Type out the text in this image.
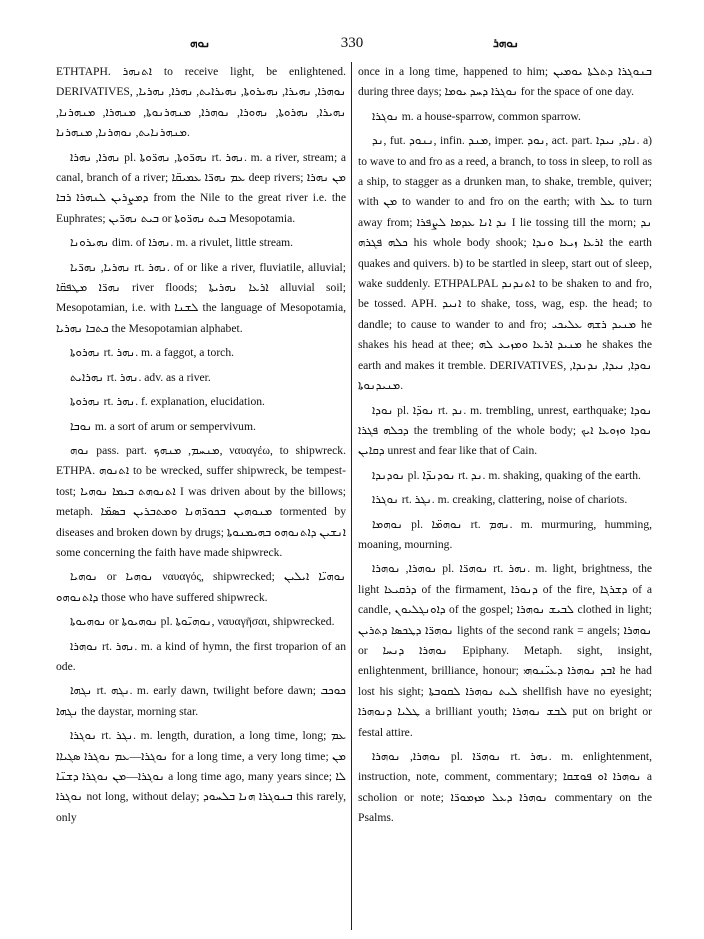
ܢܘܗ	330	ܢܘܗܪ

ETHTAPH. ܐܬܢܗܪ to receive light, be enlightened. DERIVATIVES, ܢܘܗܪܐ, ܢܗܝܪܐ, ܢܗܝܪܘܬܐ, ܢܗܝܪܐܝܬ, ܢܗܪܐ, ܢܗܪܝܐ, ܢܗܝܪܐ, ܢܗܪܘܬܐ, ܢܗܘܪܐ, ܢܘܗܪܐ, ܡܢܗܪܢܘܬܐ, ܡܢܗܪܐ, ܡܢܗܪܢܐ, ܡܢܗܪܢܐܝܬ, ܢܘܗܪܢܐ, ܡܢܗܪܢܐ.

ܢܗܪܐ, ܢܗܪܐ pl. ܢܗܪ̈ܘܬܐ, ܢܗܪ̈ܘܬܐ rt. ܢܗܪ. m. a river, stream; a canal, branch of a river; ܥܡ ܢܗܪ̈ܐ ܥܡܝܩ̈ܐ deep rivers; ܡܢ ܢܗܪܐ ܕܡܨܪܝܢ ܠܢܗܪܐ ܪܒܐ from the Nile to the great river i.e. the Euphrates; ܒܝܬ ܢܗܪ̈ܝܢ or ܒܝܬ ܢܗܪ̈ܘܬܐ Mesopotamia.

ܢܗܝܪܘܢܐ dim. of ܢܗܪܐ. m. a rivulet, little stream.

ܢܗܪܝܐ, ܢܗܪ̈ܝܐ rt. ܢܗܪ. of or like a river, fluviatile, alluvial; ܢܗܪ̈ܐ ܡܛܦܩ̈ܐ river floods; ܐܪܥܐ ܢܗܪܝܬܐ alluvial soil; Mesopotamian, i.e. with ܠܫܢܐ the language of Mesopotamia, ܟܬܒܐ ܢܗܪܝܐ the Mesopotamian alphabet.

ܢܗܪܘܬܐ rt. ܢܗܪ. m. a faggot, a torch.

ܢܗܪܐܝܬ rt. ܢܗܪ. adv. as a river.

ܢܗܪܘܬܐ rt. ܢܗܪ. f. explanation, elucidation.

ܢܘܒܐ m. a sort of arum or sempervivum.

ܢܘܗ pass. part. ܡܢܚܡ, ܡܢܗܟ, ναυαγέω, to shipwreck. ETHPA. ܐܬܢܘܗ to be wrecked, suffer shipwreck, be tempest-tost; ܐܬܢܘܗܬ ܒܝܡܐ ܢܘܗܝܐ I was driven about by the billows; metaph. ܡܢܘܗܝܢ ܒܟܘܪ̈ܗܢܐ ܘܡܬܒܪܝܢ ܒܣܡ̈ܐ tormented by diseases and broken down by drugs; ܐܢܫܝܢ ܕܐܬܢܘܗܘ ܒܗܝܡܢܘܬܐ some concerning the faith have made shipwreck.

ܢܘܗܝܐ or ܢܘܗܝܐ ναυαγός, shipwrecked; ܢܘܗܝ̈ܐ ܐܝܠܝܢ ܕܐܬܢܘܗܘ those who have suffered shipwreck.

ܢܘܗܝܘܬܐ or ܢܘܗܝܘܬܐ pl. ܢܘܗܝ̈ܘܬܐ, ναυαγῆσαι, shipwrecked.

ܢܘܗܪܐ rt. ܢܗܪ. m. a kind of hymn, the first troparion of an ode.

ܢܓܗܐ rt. ܢܓܗ. m. early dawn, twilight before dawn; ܟܘܟܒ ܢܓܗܐ the daystar, morning star.

ܢܘܓܪܐ rt. ܢܓܪ. m. length, duration, a long time, long; ܥܡ ܢܘܓܪܐ—ܥܡ ܢܘܓܪܐ ܣܓܝܐܐ for a long time, a very long time; ܡܢ ܢܘܓܪܐ—ܡܢ ܢܘܓܪܐ ܕܫܢ̈ܐ a long time ago, many years since; ܠܐ ܢܘܓܪܐ not long, without delay; ܒܢܘܓܪܐ ܗܢܐ ܒܠܚܘܕ this rarely, only

once in a long time, happened to him; ܒܢܘܓܪܐ ܕܬܠܬܐ ܝܘܡܝܢ during three days; ܢܘܓܪܐ ܕܚܕ ܝܘܡܐ for the space of one day.

ܢܘܓܪܐ m. a house-sparrow, common sparrow.

ܢܕ, fut. ܢܢܘܕ, infin. ܡܢܕ, imper. ܢܘܕ, act. part. ܢܐܕ, ܢܝܕܐ. a) to wave to and fro as a reed, a branch, to toss in sleep, to roll as a ship, to stagger as a drunken man, to shake, tremble, quiver; with ܡܢ to wander to and fro on the earth; with ܥܠ to turn away from; ܢܕ ܐܢܐ ܥܕܡܐ ܠܨܦܪܐ I lie tossing till the morn; ܢܕ ܟܠܗ ܦܓܪܗ his whole body shook; ܐܪܥܐ ܙܝܥܐ ܘܢܕܐ the earth quakes and quivers. b) to be startled in sleep, start out of sleep, wake suddenly. ETHPALPAL ܐܬܢܕܢܕ to be shaken to and fro, be tossed. APH. ܐܢܝܕ to shake, toss, wag, esp. the head; to dandle; to cause to wander to and fro; ܡܢܝܕ ܪܫܗ ܥܠܝܟܝ he shakes his head at thee; ܡܢܝܕ ܐܪܥܐ ܘܡܙܝܥ ܠܗ he shakes the earth and makes it tremble. DERIVATIVES, ܢܘܕܐ, ܢܝܕܐ, ܢܕܢܕܐ, ܡܢܝܕܢܘܬܐ.

ܢܘܕܐ pl. ܢܘܕ̈ܐ rt. ܢܕ. m. trembling, unrest, earthquake; ܢܘܕܐ ܕܟܠܗ ܦܓܪܐ the trembling of the whole body; ܢܘܕܐ ܘܙܘܥܐ ܐܝܟ ܕܩܐܝܢ unrest and fear like that of Cain.

ܢܘܕܢܕܐ pl. ܢܘܕܢܕ̈ܐ rt. ܢܕ. m. shaking, quaking of the earth.

ܢܘܓܪܐ rt. ܢܓܪ. m. creaking, clattering, noise of chariots.

ܢܘܗܡܐ pl. ܢܘܗܡ̈ܐ rt. ܢܗܡ. m. murmuring, humming, moaning, mourning.

ܢܘܗܪܐ, ܢܘܗܪܐ pl. ܢܘܗܪ̈ܐ rt. ܢܗܪ. m. light, brightness, the light ܕܪܩܝܥܐ of the firmament, ܕܢܘܪܐ of the fire, ܕܫܪܓܐ of a candle, ܕܐܘܢܓܠܝܘܢ of the gospel; ܠܒܝܫ ܢܘܗܪܐ clothed in light; ܢܘܗܪ̈ܐ ܕܛܟܣܐ ܕܬܪܝܢ lights of the second rank = angels; ܢܘܗܪܐ or ܢܘܗܪܐ ܕܢܚܐ Epiphany. Metaph. sight, insight, enlightenment, brilliance, honour; ܐܒܕ ܢܘܗܪܐ ܕܥܝ̈ܢܘܗܝ he had lost his sight; ܠܝܬ ܢܘܗܪܐ ܠܩܘܒܬܐ shellfish have no eyesight; ܛܠܝܐ ܕܢܘܗܪܐ a brilliant youth; ܠܒܫ ܢܘܗܪܐ put on bright or festal attire.

ܢܘܗܪܐ, ܢܘܗܪܐ pl. ܢܘܗܪ̈ܐ rt. ܢܗܪ. m. enlightenment, instruction, note, comment, commentary; ܢܘܗܪܐ ܐܘ ܦܘܫܩܐ a scholion or note; ܢܘܗܪܐ ܕܥܠ ܡܙܡܘܪ̈ܐ commentary on the Psalms.
